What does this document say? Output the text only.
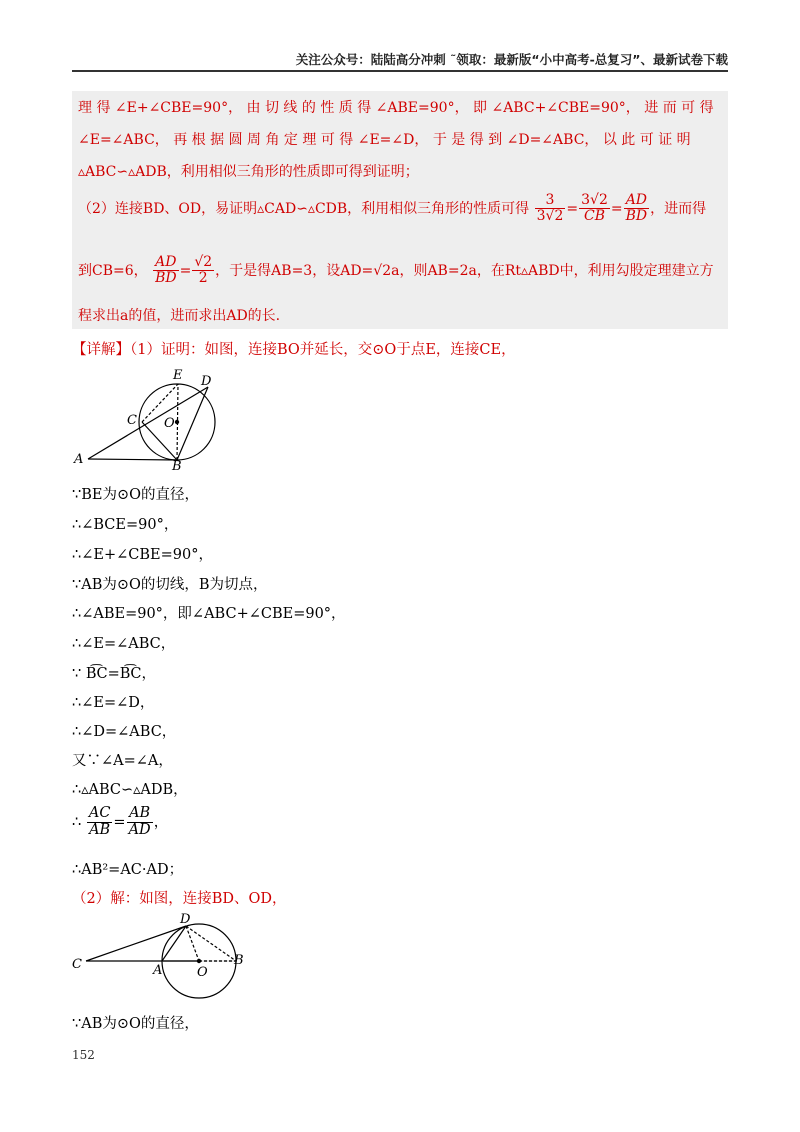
关注公众号：陆陆高分冲刺 ˜领取：最新版“小中高考-总复习”、最新试卷下载
理 得 ∠E+∠CBE=90°， 由 切 线 的 性 质 得 ∠ABE=90°， 即 ∠ABC+∠CBE=90°， 进 而 可 得
∠E=∠ABC， 再 根 据 圆 周 角 定 理 可 得 ∠E=∠D， 于 是 得 到 ∠D=∠ABC， 以 此 可 证 明
▵ABC∽▵ADB，利用相似三角形的性质即可得到证明；
（2）连接BD、OD，易证明▵CAD∽▵CDB，利用相似三角形的性质可得 $\frac{3}{3√2} = \frac{3√2}{CB} = \frac{AD}{BD}$ ，进而得
到CB=6， $\frac{AD}{BD} = \frac{√2}{2}$ ，于是得AB=3，设AD=√2a，则AB=2a，在Rt▵ABD中，利用勾股定理建立方
程求出a的值，进而求出AD的长.
【详解】（1）证明：如图，连接BO并延长，交⊙O于点E，连接CE，
E D
C O
A	B
∵BE为⊙O的直径，
∴∠BCE=90°，
∴∠E+∠CBE=90°，
∵AB为⊙O的切线，B为切点，
∴∠ABE=90°，即∠ABC+∠CBE=90°，
∴∠E=∠ABC，
∵ B͡C=B͡C，
∴∠E=∠D，
∴∠D=∠ABC，
又∵∠A=∠A，
∴▵ABC∽▵ADB，
∴ $\frac{AC}{AB} = \frac{AB}{AD}$ ，
∴AB²=AC·AD；
（2）解：如图，连接BD、OD，
D
C	A	O
B
∵AB为⊙O的直径，
152
